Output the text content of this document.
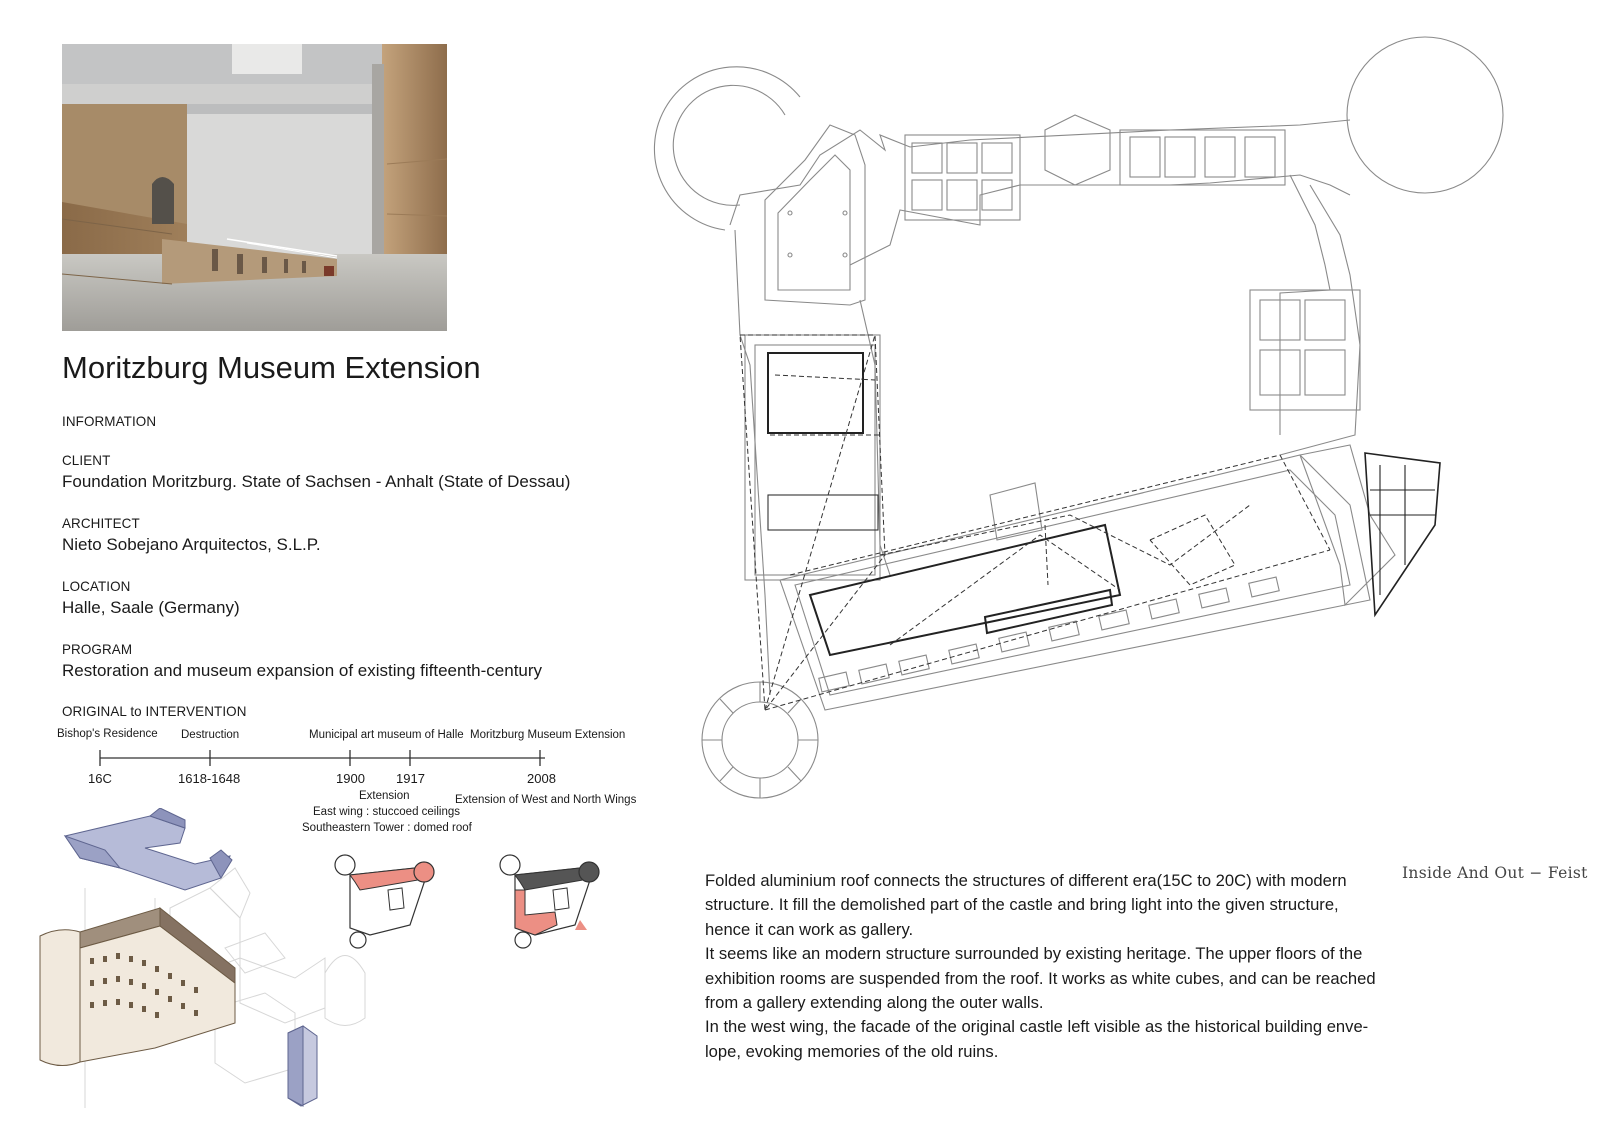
Moritzburg Museum Extension
INFORMATION
CLIENT
Foundation Moritzburg. State of Sachsen - Anhalt (State of Dessau)
ARCHITECT
Nieto Sobejano Arquitectos, S.L.P.
LOCATION
Halle, Saale (Germany)
PROGRAM
Restoration and museum expansion of existing fifteenth-century
ORIGINAL to INTERVENTION
Bishop's Residence Destruction	Municipal art museum of Halle Moritzburg Museum Extension
16C	1618-1648	1900 1917	2008
Extension
East wing : stuccoed ceilings
Southeastern Tower : domed roof
Extension of West and North Wings

Folded aluminium roof connects the structures of different era(15C to 20C) with modern structure. It fill the demolished part of the castle and bring light into the given structure, hence it can work as gallery.

It seems like an modern structure surrounded by existing heritage. The upper floors of the exhibition rooms are suspended from the roof. It works as white cubes, and can be reached from a gallery extending along the outer walls.

In the west wing, the facade of the original castle left visible as the historical building enve-lope, evoking memories of the old ruins.

Inside And Out − Feist
